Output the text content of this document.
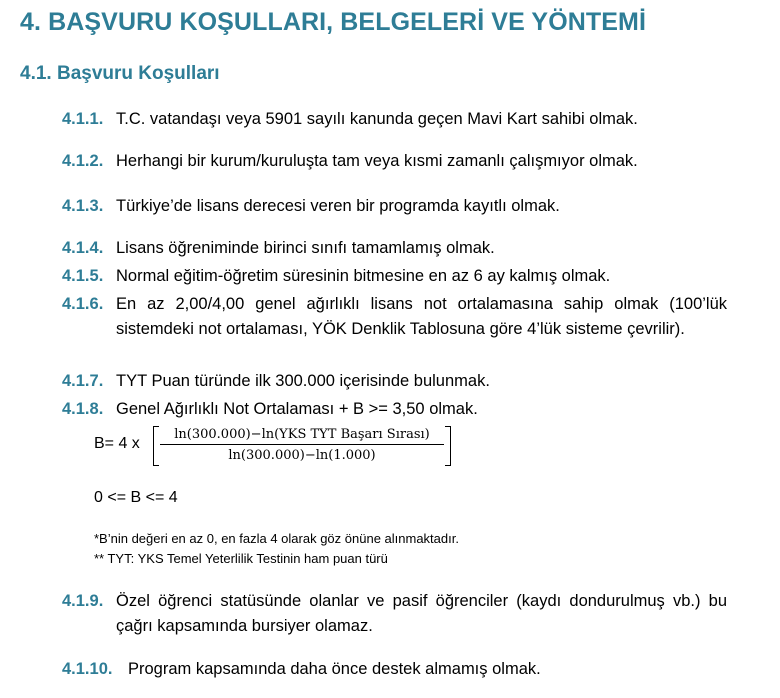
4. BAŞVURU KOŞULLARI, BELGELERİ VE YÖNTEMİ
4.1. Başvuru Koşulları
4.1.1. T.C. vatandaşı veya 5901 sayılı kanunda geçen Mavi Kart sahibi olmak.
4.1.2. Herhangi bir kurum/kuruluşta tam veya kısmi zamanlı çalışmıyor olmak.
4.1.3. Türkiye’de lisans derecesi veren bir programda kayıtlı olmak.
4.1.4. Lisans öğreniminde birinci sınıfı tamamlamış olmak.
4.1.5. Normal eğitim-öğretim süresinin bitmesine en az 6 ay kalmış olmak.
4.1.6. En az 2,00/4,00 genel ağırlıklı lisans not ortalamasına sahip olmak (100’lük sistemdeki not ortalaması, YÖK Denklik Tablosuna göre 4’lük sisteme çevrilir).
4.1.7. TYT Puan türünde ilk 300.000 içerisinde bulunmak.
4.1.8. Genel Ağırlıklı Not Ortalaması + B >= 3,50 olmak.
B= 4 x
ln(300.000)−ln(YKS TYT Başarı Sırası)
ln(300.000)−ln(1.000)
0 <= B <= 4
*B’nin değeri en az 0, en fazla 4 olarak göz önüne alınmaktadır.
** TYT: YKS Temel Yeterlilik Testinin ham puan türü
4.1.9. Özel öğrenci statüsünde olanlar ve pasif öğrenciler (kaydı dondurulmuş vb.) bu çağrı kapsamında bursiyer olamaz.
4.1.10. Program kapsamında daha önce destek almamış olmak.
